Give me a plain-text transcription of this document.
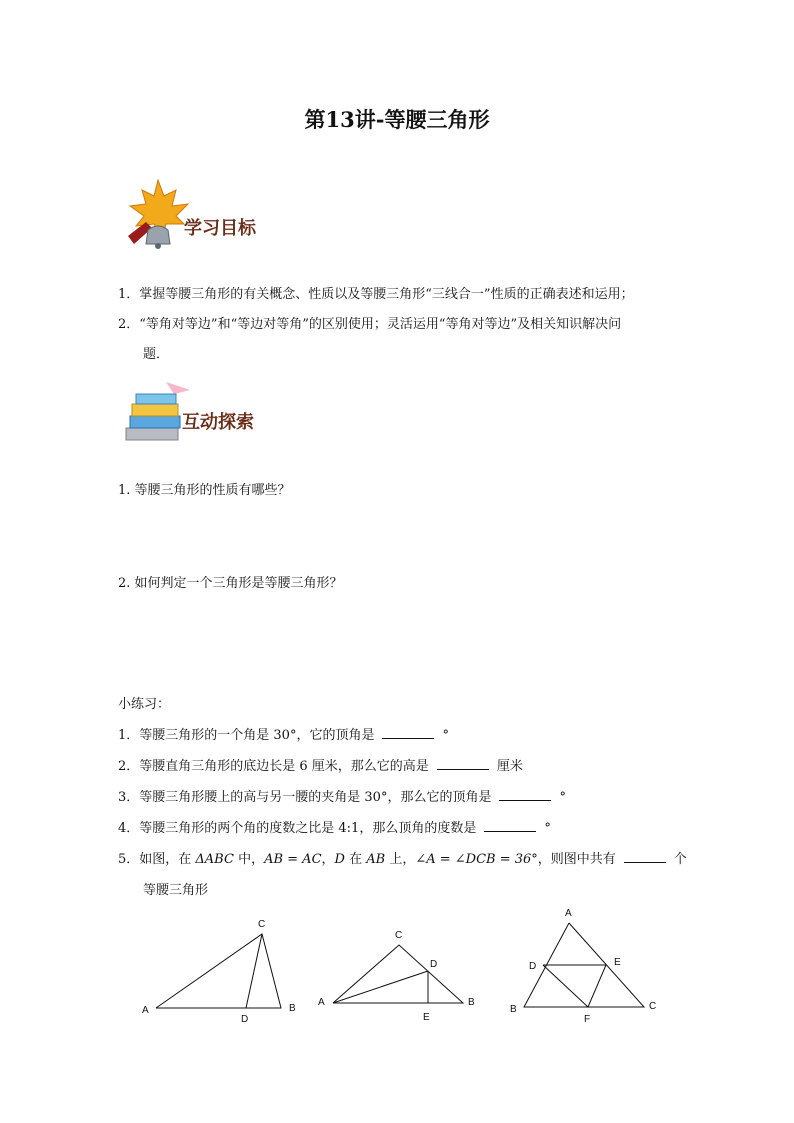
第13讲-等腰三角形
学习目标
1．掌握等腰三角形的有关概念、性质以及等腰三角形“三线合一”性质的正确表述和运用；
2．“等角对等边”和“等边对等角”的区别使用；灵活运用“等角对等边”及相关知识解决问
题．
互动探索
1. 等腰三角形的性质有哪些？
2. 如何判定一个三角形是等腰三角形？
小练习：
1．等腰三角形的一个角是 30°，它的顶角是	°
2．等腰直角三角形的底边长是 6 厘米，那么它的高是	厘米
3．等腰三角形腰上的高与另一腰的夹角是 30°，那么它的顶角是	°
4．等腰三角形的两个角的度数之比是 4:1，那么顶角的度数是	°
5．如图，在 ΔABC 中，AB = AC，D 在 AB 上，∠A = ∠DCB = 36°，则图中共有	个
等腰三角形
A	B
C
D
A	B
C
D
E
A
B	C
D	E
F
